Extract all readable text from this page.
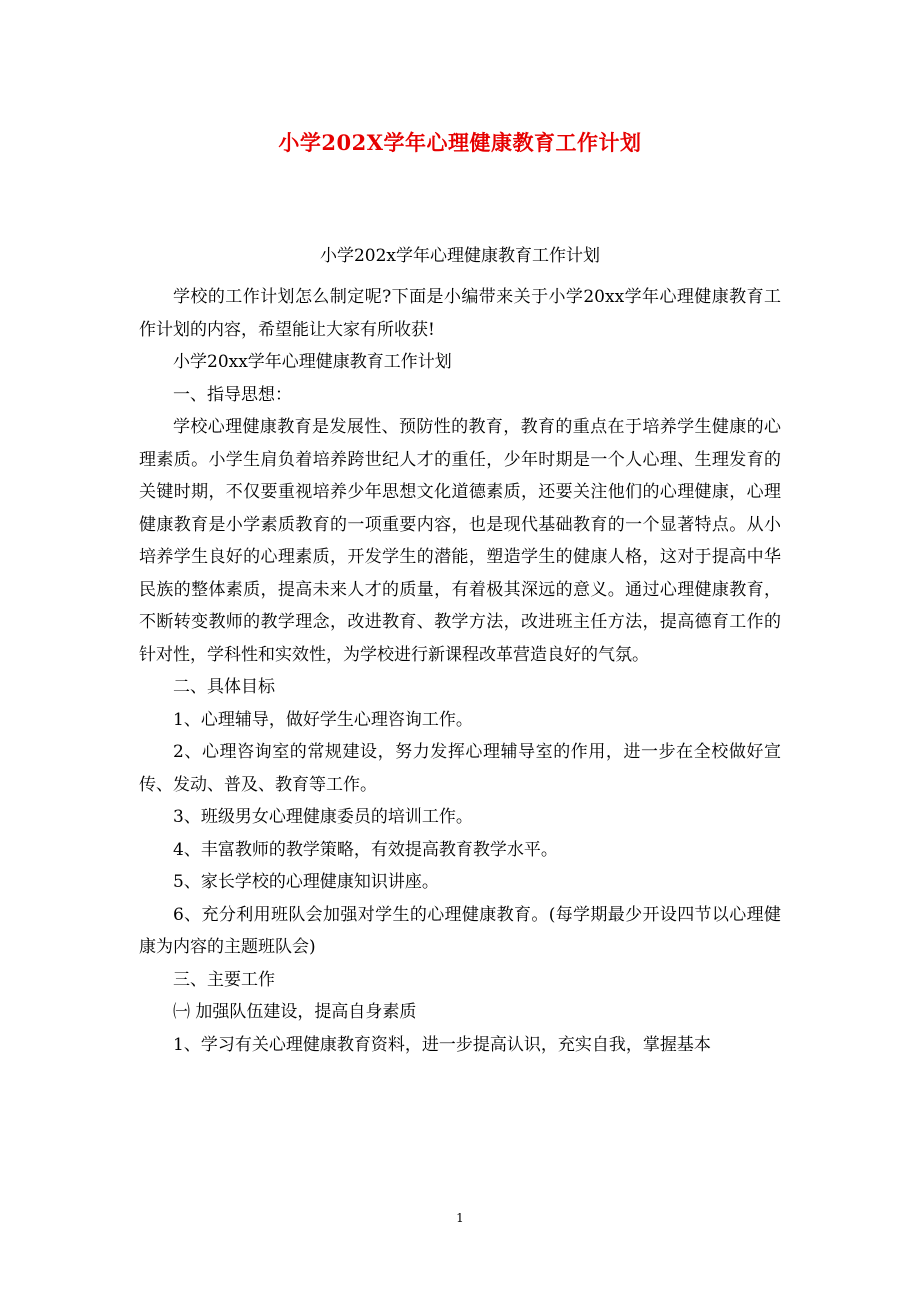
小学202X学年心理健康教育工作计划
小学202x学年心理健康教育工作计划

学校的工作计划怎么制定呢?下面是小编带来关于小学20xx学年心理健康教育工作计划的内容，希望能让大家有所收获!

小学20xx学年心理健康教育工作计划

一、指导思想：

学校心理健康教育是发展性、预防性的教育，教育的重点在于培养学生健康的心理素质。小学生肩负着培养跨世纪人才的重任，少年时期是一个人心理、生理发育的关键时期，不仅要重视培养少年思想文化道德素质，还要关注他们的心理健康，心理健康教育是小学素质教育的一项重要内容，也是现代基础教育的一个显著特点。从小培养学生良好的心理素质，开发学生的潜能，塑造学生的健康人格，这对于提高中华民族的整体素质，提高未来人才的质量，有着极其深远的意义。通过心理健康教育，不断转变教师的教学理念，改进教育、教学方法，改进班主任方法，提高德育工作的针对性，学科性和实效性，为学校进行新课程改革营造良好的气氛。

二、具体目标

1、心理辅导，做好学生心理咨询工作。

2、心理咨询室的常规建设，努力发挥心理辅导室的作用，进一步在全校做好宣传、发动、普及、教育等工作。

3、班级男女心理健康委员的培训工作。

4、丰富教师的教学策略，有效提高教育教学水平。

5、家长学校的心理健康知识讲座。

6、充分利用班队会加强对学生的心理健康教育。(每学期最少开设四节以心理健康为内容的主题班队会)

三、主要工作

㈠ 加强队伍建设，提高自身素质

1、学习有关心理健康教育资料，进一步提高认识，充实自我，掌握基本

1
